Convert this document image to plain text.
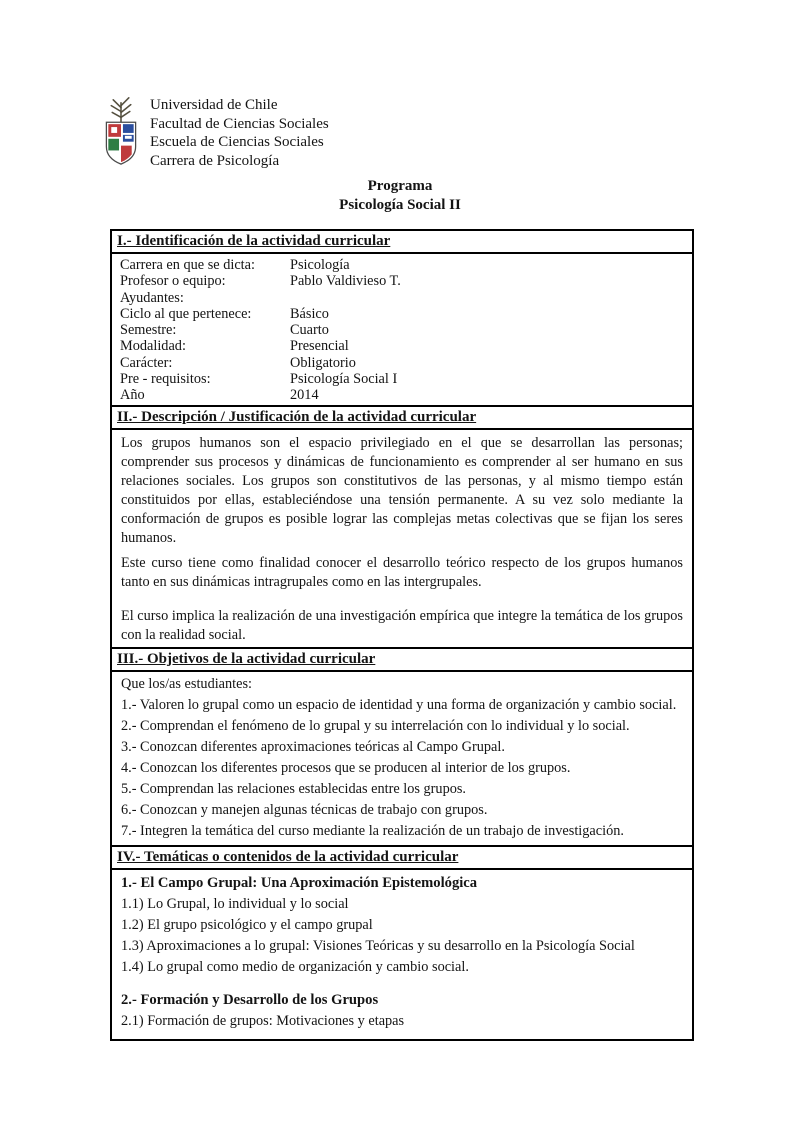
Universidad de Chile
Facultad de Ciencias Sociales
Escuela de Ciencias Sociales
Carrera de Psicología
Programa
Psicología Social II
I.- Identificación de la actividad curricular
Carrera en que se dicta:	Psicología
Profesor o equipo:	Pablo Valdivieso T.
Ayudantes:
Ciclo al que pertenece:	Básico
Semestre:	Cuarto
Modalidad:	Presencial
Carácter:	Obligatorio
Pre - requisitos:	Psicología Social I
Año	2014
II.- Descripción / Justificación de la actividad curricular

Los grupos humanos son el espacio privilegiado en el que se desarrollan las personas; comprender sus procesos y dinámicas de funcionamiento es comprender al ser humano en sus relaciones sociales. Los grupos son constitutivos de las personas, y al mismo tiempo están constituidos por ellas, estableciéndose una tensión permanente. A su vez solo mediante la conformación de grupos es posible lograr las complejas metas colectivas que se fijan los seres humanos.

Este curso tiene como finalidad conocer el desarrollo teórico respecto de los grupos humanos tanto en sus dinámicas intragrupales como en las intergrupales.

El curso implica la realización de una investigación empírica que integre la temática de los grupos con la realidad social.

III.- Objetivos de la actividad curricular

Que los/as estudiantes:

1.- Valoren lo grupal como un espacio de identidad y una forma de organización y cambio social.
2.- Comprendan el fenómeno de lo grupal y su interrelación con lo individual y lo social.
3.- Conozcan diferentes aproximaciones teóricas al Campo Grupal.
4.- Conozcan los diferentes procesos que se producen al interior de los grupos.
5.- Comprendan las relaciones establecidas entre los grupos.
6.- Conozcan y manejen algunas técnicas de trabajo con grupos.
7.- Integren la temática del curso mediante la realización de un trabajo de investigación.
IV.- Temáticas o contenidos de la actividad curricular
1.- El Campo Grupal: Una Aproximación Epistemológica
1.1) Lo Grupal, lo individual y lo social
1.2) El grupo psicológico y el campo grupal
1.3) Aproximaciones a lo grupal: Visiones Teóricas y su desarrollo en la Psicología Social
1.4) Lo grupal como medio de organización y cambio social.
2.- Formación y Desarrollo de los Grupos
2.1) Formación de grupos: Motivaciones y etapas
